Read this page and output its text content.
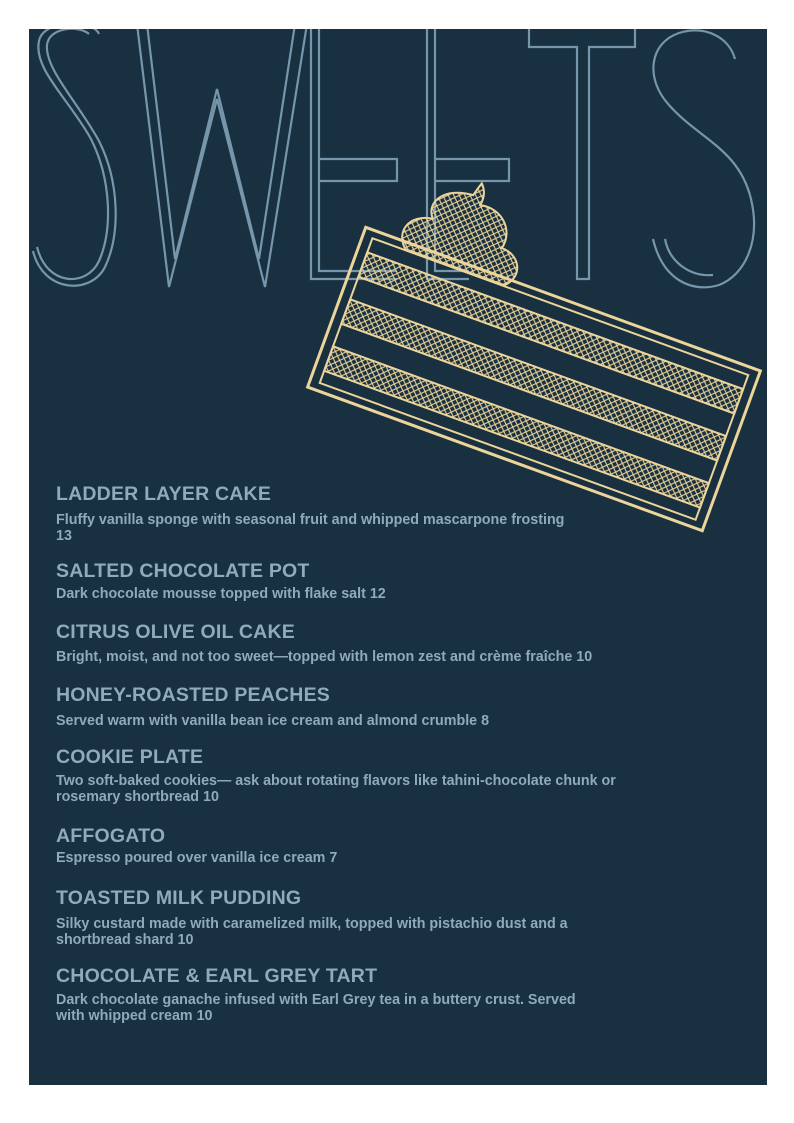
LADDER LAYER CAKE

Fluffy vanilla sponge with seasonal fruit and whipped mascarpone frosting 13

SALTED CHOCOLATE POT

Dark chocolate mousse topped with flake salt 12

CITRUS OLIVE OIL CAKE

Bright, moist, and not too sweet—topped with lemon zest and crème fraîche 10

HONEY-ROASTED PEACHES

Served warm with vanilla bean ice cream and almond crumble 8

COOKIE PLATE

Two soft-baked cookies— ask about rotating flavors like tahini-chocolate chunk or rosemary shortbread 10

AFFOGATO

Espresso poured over vanilla ice cream 7

TOASTED MILK PUDDING

Silky custard made with caramelized milk, topped with pistachio dust and a shortbread shard 10

CHOCOLATE & EARL GREY TART

Dark chocolate ganache infused with Earl Grey tea in a buttery crust. Served with whipped cream 10
